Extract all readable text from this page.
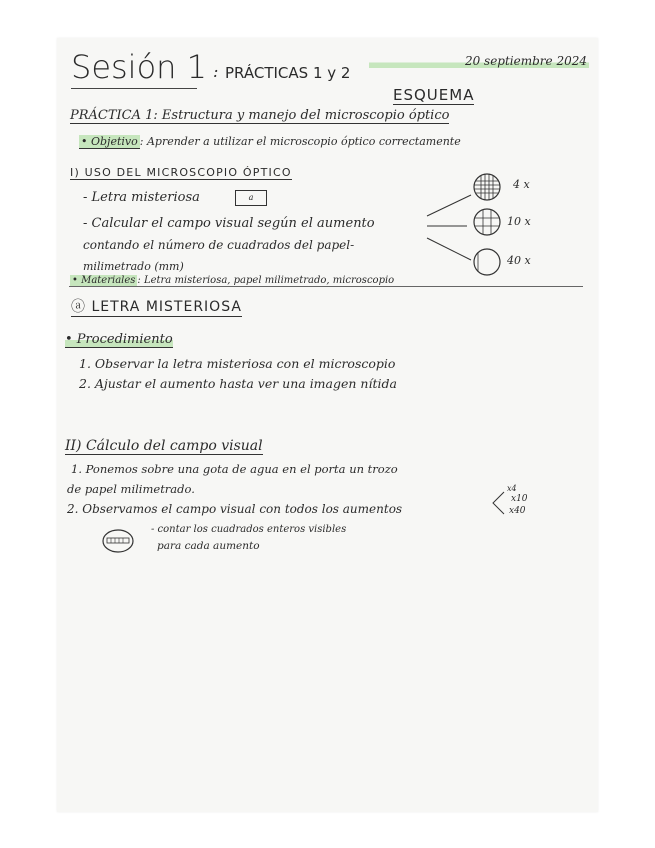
Sesión 1 : PRÁCTICAS 1 y 2
20 septiembre 2024
ESQUEMA
PRÁCTICA 1: Estructura y manejo del microscopio óptico
• Objetivo : Aprender a utilizar el microscopio óptico correctamente
I) USO DEL MICROSCOPIO ÓPTICO
- Letra misteriosa	a
- Calcular el campo visual según el aumento
contando el número de cuadrados del papel-
milimetrado (mm)
• Materiales : Letra misteriosa, papel milimetrado, microscopio
4 x
10 x
40 x
ⓐ LETRA MISTERIOSA
• Procedimiento
1. Observar la letra misteriosa con el microscopio
2. Ajustar el aumento hasta ver una imagen nítida
II) Cálculo del campo visual
1. Ponemos sobre una gota de agua en el porta un trozo
de papel milimetrado.
2. Observamos el campo visual con todos los aumentos
x4
x10
x40
- contar los cuadrados enteros visibles
para cada aumento
